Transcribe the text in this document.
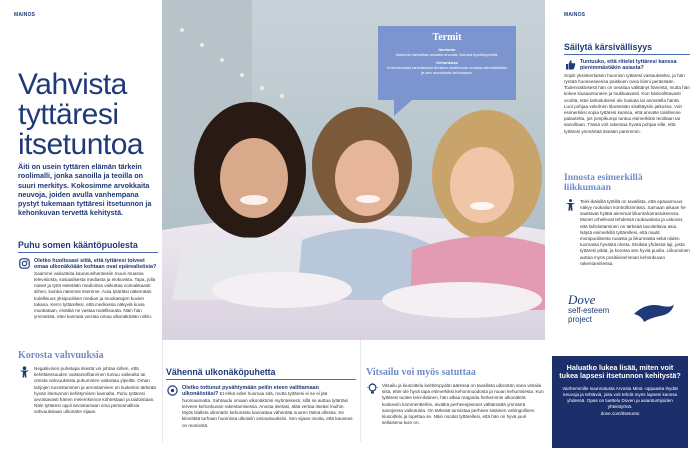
MAINOS	MAINOS
Vahvista tyttäresi itsetuntoa

Äiti on usein tyttären elämän tärkein roolimalli, jonka sanoilla ja teoilla on suuri merkitys. Kokosimme arvokkaita neuvoja, joiden avulla vanhempana pystyt tukemaan tyttäresi itsetunnon ja kehonkuvan tervettä kehitystä.

Puhu somen kääntöpuolesta
Oletko huolissasi siitä, että tyttäresi toiveet omaa ulkonäköään kohtaan ovat epärealistisia? Saamme vaikutteita kauneusihanteisiin muun muassa televisiosta, sosiaalisesta mediasta ja elokuvista. Tapa, jolla naiset ja tytöt esitetään medioissa vaikuttaa voimakkaasti siihen, kuinka näemme itsemme. Auta tytärtäsi näkemään todellisuus yksipuolisen median ja muokattujen kuvien takana. Kerro tyttärellesi, että medioissa näkyviä kuvia muokataan, eivätkä ne vastaa todellisuutta. Näin hän ymmärtää, ettei kannata verrata omaa ulkonäköään niihin.
Termit
Itsetunto
Itsetunto tarkoittaa omasta arvosta, itsensä hyväksymistä.
Kehonkuva
Kehonkuvalla tarkoitetaan ihmisen mielikuvaa omasta ulkonäöstään ja sen muodoista kehossaan.
Korosta vahvuuksia
Negatiivinen puhetapa itsestä voi johtaa siihen, että kehittäessuuden vaistarsofitarvinen tuntuu vaikealta tai omista vahvuuksista puhuminen vaikuttaa ylpeiltä. Oman lahjojen tunnistaminen ja arvostaminen on kuitenkin tärkeää hyvän itsetunnon kehittymisen kannalta. Puhu tyttäresi arvostavasti hänen meiemkinnon kohtestaan ja taidoistaan. Näin tyttäresi oppii arvostamaan oma persoonallisia vahvuuksiaan ulkonäön sijaan.
Vähennä ulkonäköpuhetta
Oletko tottunut pysähtymään peilin eteen valittamaan ulkonäöstäsi? Et ehkä edes huomaa sitä, mutta tyttäresi ei se ei jää huomaamatta. Suhtaudu omaan ulkonäköösi myönteisesti, sillä se auttaa tytärtäsi terveen kehonkuvan rakentamisessa. Anosta itsetasi, älää vertaa itseäsi muihin. Myös tilalleta ulkonäön kehumista kannattaa vähentää nuoren läsnä ollessa. Se kiinnittää turhaan huomiota ulkoisiin ominaisuuksiin. Sen sijaan osoita, että kauneus on moniestä.
Vitsailu voi myös satuttaa
Vitsailu ja kiusoittelu keittiönpydän ääressä on tavallista ulkonäön sana vitsailu siitä, ettei ole hyvä tapa esimerkiksi kehonmuodosta ja ruoan kehumisesta. Kun tyttäresi tuolee teini-ikäinen, hän alkaa reagoida herkemmin ulkonäköä koskeviin kommentteihin, eivätkä perheenjäsenet välttämättä ymmärrä sanojensa vaikutusta. On tärkeää tunnistaa perheen sisäinen vahingollinen kiusoittelu ja lopettaa se. Näin osoitat tyttärellesi, että hän on hyvä juuri sellaisena kuin on.
Säilytä kärsivällisyys
Tuntuuko, että riitelet tyttäresi kanssa pienimmästäkin asiasta?
Sopiit yksinkertaisen huomion tyttäresi vastaukseksi, ja hän ryntää huoneeseensa paiskoen ovea kiinni perässään. Todennäköisesti hän on oeotitua välittänyt hänestä, mutta hän kokee kiusaantuneen ja loukkaavasti. Kun käsioolittavasti ocoiltä, ettei tarkoituksesi ole loukata tai arvostella häntä. Luot pohjaa vekolnen tilantestän sisältäysiin jatkossa. Voit esimerkiksi sopia tyttäresi kanssa, että annatte toisillenne palautetta, jos jompikumpi tuntuu esimerkiksi teoiltaan tai sanoiltaan. Tässä voit rakentaa hyvää pohjaa sille, että tyttäresi ymmärtää itseään paremmin.
Innosta esimerkillä liikkumaan
Teini-ikäisillä tytöillä on tavallista, että epävarmuus näkyy ruokailun kontrolloinnissa. Samaan aikaan he saattavat hylätä aiemmat liikuntaharrastuksensa. Monet urheilevat tehdessä ruokavaliota ja uskovat, että laihduttaminen on tärkeää tavoiteltava asia. Näytä esimerkillä tyttärellesi, että nautit monipuolisesta ruoasta ja liikunnasta sekä niiden tuomasta hyvästä olosta. Etsikää yhdessä laji, josta tyttäresi pitää, ja korosta sen hyviä puolia. Liikunninen auttaa myös positiivisemman kehonkuvan rakentamisessa.
Dove
self-esteem project
Haluatko lukea lisää, miten voit tukea lapsesi itsetunnon kehitystä?

Vanhemmille suunnatusta Arvosta Minä -oppaasta löydät neuvoja ja tehtäviä, joita voit tehdä myös lapsesi kanssa yhdessä. Opas on luettelu Doven ja asiantuntijoiden yhteistyönä.

dove.com/itsetunto
